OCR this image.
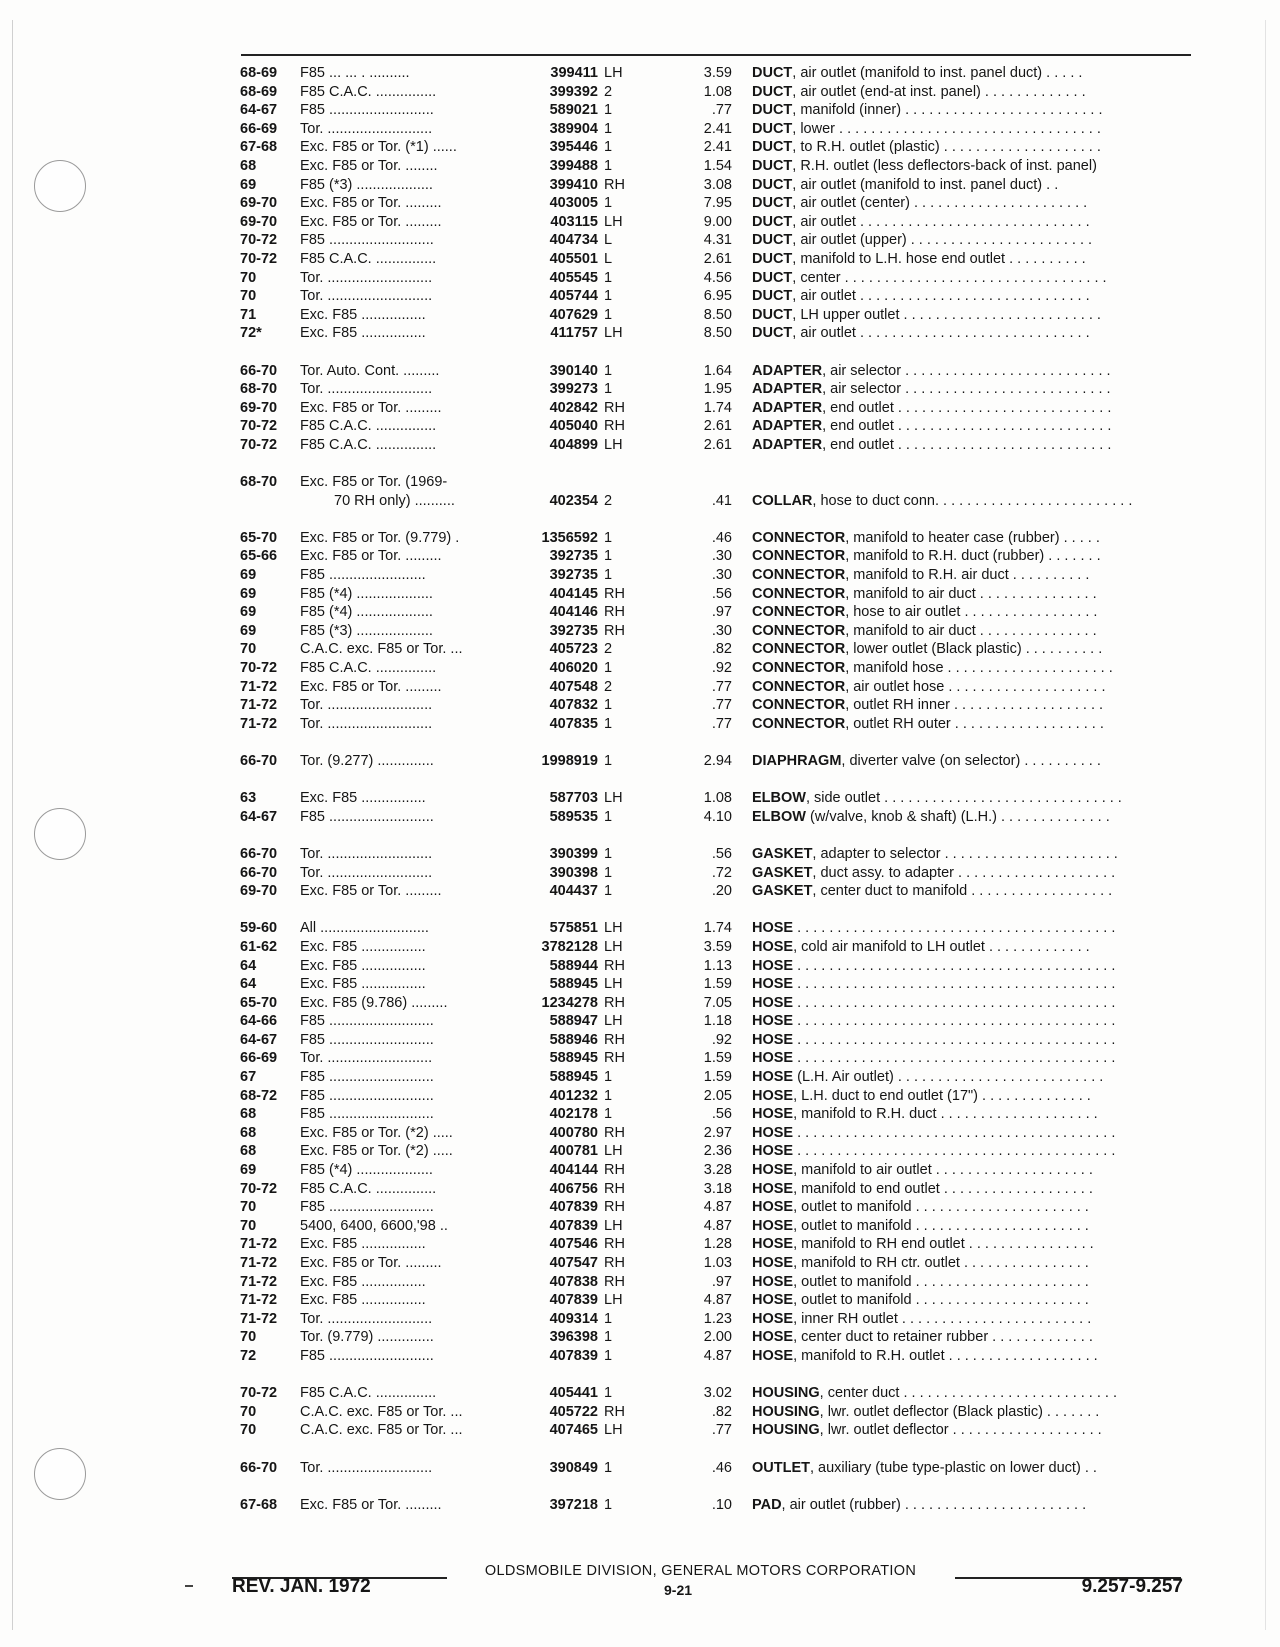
68-69	F85 ... ... . ..........	399411 LH	3.59 DUCT, air outlet (manifold to inst. panel duct) . . . . .
68-69	F85 C.A.C. ...............	399392 2	1.08 DUCT, air outlet (end-at inst. panel) . . . . . . . . . . . . .
64-67	F85 ..........................	589021 1	.77 DUCT, manifold (inner) . . . . . . . . . . . . . . . . . . . . . . . . .
66-69	Tor. ..........................	389904 1	2.41 DUCT, lower . . . . . . . . . . . . . . . . . . . . . . . . . . . . . . . . .
67-68	Exc. F85 or Tor. (*1) ......	395446 1	2.41 DUCT, to R.H. outlet (plastic) . . . . . . . . . . . . . . . . . . . .
68	Exc. F85 or Tor. ........	399488 1	1.54 DUCT, R.H. outlet (less deflectors-back of inst. panel)
69	F85 (*3) ...................	399410 RH	3.08 DUCT, air outlet (manifold to inst. panel duct) . .
69-70	Exc. F85 or Tor. .........	403005 1	7.95 DUCT, air outlet (center) . . . . . . . . . . . . . . . . . . . . . .
69-70	Exc. F85 or Tor. .........	403115 LH	9.00 DUCT, air outlet . . . . . . . . . . . . . . . . . . . . . . . . . . . . .
70-72	F85 ..........................	404734 L	4.31 DUCT, air outlet (upper) . . . . . . . . . . . . . . . . . . . . . . .
70-72	F85 C.A.C. ...............	405501 L	2.61 DUCT, manifold to L.H. hose end outlet . . . . . . . . . .
70	Tor. ..........................	405545 1	4.56 DUCT, center . . . . . . . . . . . . . . . . . . . . . . . . . . . . . . . . .
70	Tor. ..........................	405744 1	6.95 DUCT, air outlet . . . . . . . . . . . . . . . . . . . . . . . . . . . . .
71	Exc. F85 ................	407629 1	8.50 DUCT, LH upper outlet . . . . . . . . . . . . . . . . . . . . . . . . .
72*	Exc. F85 ................	411757 LH	8.50 DUCT, air outlet . . . . . . . . . . . . . . . . . . . . . . . . . . . . .
66-70	Tor. Auto. Cont. .........	390140 1	1.64 ADAPTER, air selector . . . . . . . . . . . . . . . . . . . . . . . . . .
68-70	Tor. ..........................	399273 1	1.95 ADAPTER, air selector . . . . . . . . . . . . . . . . . . . . . . . . . .
69-70	Exc. F85 or Tor. .........	402842 RH	1.74 ADAPTER, end outlet . . . . . . . . . . . . . . . . . . . . . . . . . . .
70-72	F85 C.A.C. ...............	405040 RH	2.61 ADAPTER, end outlet . . . . . . . . . . . . . . . . . . . . . . . . . . .
70-72	F85 C.A.C. ...............	404899 LH	2.61 ADAPTER, end outlet . . . . . . . . . . . . . . . . . . . . . . . . . . .
68-70	Exc. F85 or Tor. (1969-
70 RH only) ..........	402354 2	.41 COLLAR, hose to duct conn. . . . . . . . . . . . . . . . . . . . . . . . .
65-70	Exc. F85 or Tor. (9.779) .	1356592 1	.46 CONNECTOR, manifold to heater case (rubber) . . . . .
65-66	Exc. F85 or Tor. .........	392735 1	.30 CONNECTOR, manifold to R.H. duct (rubber) . . . . . . .
69	F85 ........................	392735 1	.30 CONNECTOR, manifold to R.H. air duct . . . . . . . . . .
69	F85 (*4) ...................	404145 RH	.56 CONNECTOR, manifold to air duct . . . . . . . . . . . . . . .
69	F85 (*4) ...................	404146 RH	.97 CONNECTOR, hose to air outlet . . . . . . . . . . . . . . . . .
69	F85 (*3) ...................	392735 RH	.30 CONNECTOR, manifold to air duct . . . . . . . . . . . . . . .
70	C.A.C. exc. F85 or Tor. ...	405723 2	.82 CONNECTOR, lower outlet (Black plastic) . . . . . . . . . .
70-72	F85 C.A.C. ...............	406020 1	.92 CONNECTOR, manifold hose . . . . . . . . . . . . . . . . . . . . .
71-72	Exc. F85 or Tor. .........	407548 2	.77 CONNECTOR, air outlet hose . . . . . . . . . . . . . . . . . . . .
71-72	Tor. ..........................	407832 1	.77 CONNECTOR, outlet RH inner . . . . . . . . . . . . . . . . . . .
71-72	Tor. ..........................	407835 1	.77 CONNECTOR, outlet RH outer . . . . . . . . . . . . . . . . . . .
66-70	Tor. (9.277) ..............	1998919 1	2.94 DIAPHRAGM, diverter valve (on selector) . . . . . . . . . .
63	Exc. F85 ................	587703 LH	1.08 ELBOW, side outlet . . . . . . . . . . . . . . . . . . . . . . . . . . . . . .
64-67	F85 ..........................	589535 1	4.10 ELBOW (w/valve, knob & shaft) (L.H.) . . . . . . . . . . . . . .
66-70	Tor. ..........................	390399 1	.56 GASKET, adapter to selector . . . . . . . . . . . . . . . . . . . . . .
66-70	Tor. ..........................	390398 1	.72 GASKET, duct assy. to adapter . . . . . . . . . . . . . . . . . . . .
69-70	Exc. F85 or Tor. .........	404437 1	.20 GASKET, center duct to manifold . . . . . . . . . . . . . . . . . .
59-60	All ...........................	575851 LH	1.74 HOSE . . . . . . . . . . . . . . . . . . . . . . . . . . . . . . . . . . . . . . . .
61-62	Exc. F85 ................	3782128 LH	3.59 HOSE, cold air manifold to LH outlet . . . . . . . . . . . . .
64	Exc. F85 ................	588944 RH	1.13 HOSE . . . . . . . . . . . . . . . . . . . . . . . . . . . . . . . . . . . . . . . .
64	Exc. F85 ................	588945 LH	1.59 HOSE . . . . . . . . . . . . . . . . . . . . . . . . . . . . . . . . . . . . . . . .
65-70	Exc. F85 (9.786) .........	1234278 RH	7.05 HOSE . . . . . . . . . . . . . . . . . . . . . . . . . . . . . . . . . . . . . . . .
64-66	F85 ..........................	588947 LH	1.18 HOSE . . . . . . . . . . . . . . . . . . . . . . . . . . . . . . . . . . . . . . . .
64-67	F85 ..........................	588946 RH	.92 HOSE . . . . . . . . . . . . . . . . . . . . . . . . . . . . . . . . . . . . . . . .
66-69	Tor. ..........................	588945 RH	1.59 HOSE . . . . . . . . . . . . . . . . . . . . . . . . . . . . . . . . . . . . . . . .
67	F85 ..........................	588945 1	1.59 HOSE (L.H. Air outlet) . . . . . . . . . . . . . . . . . . . . . . . . . .
68-72	F85 ..........................	401232 1	2.05 HOSE, L.H. duct to end outlet (17") . . . . . . . . . . . . . .
68	F85 ..........................	402178 1	.56 HOSE, manifold to R.H. duct . . . . . . . . . . . . . . . . . . . .
68	Exc. F85 or Tor. (*2) .....	400780 RH	2.97 HOSE . . . . . . . . . . . . . . . . . . . . . . . . . . . . . . . . . . . . . . . .
68	Exc. F85 or Tor. (*2) .....	400781 LH	2.36 HOSE . . . . . . . . . . . . . . . . . . . . . . . . . . . . . . . . . . . . . . . .
69	F85 (*4) ...................	404144 RH	3.28 HOSE, manifold to air outlet . . . . . . . . . . . . . . . . . . . .
70-72	F85 C.A.C. ...............	406756 RH	3.18 HOSE, manifold to end outlet . . . . . . . . . . . . . . . . . . .
70	F85 ..........................	407839 RH	4.87 HOSE, outlet to manifold . . . . . . . . . . . . . . . . . . . . . .
70	5400, 6400, 6600,'98 ..	407839 LH	4.87 HOSE, outlet to manifold . . . . . . . . . . . . . . . . . . . . . .
71-72	Exc. F85 ................	407546 RH	1.28 HOSE, manifold to RH end outlet . . . . . . . . . . . . . . . .
71-72	Exc. F85 or Tor. .........	407547 RH	1.03 HOSE, manifold to RH ctr. outlet . . . . . . . . . . . . . . . .
71-72	Exc. F85 ................	407838 RH	.97 HOSE, outlet to manifold . . . . . . . . . . . . . . . . . . . . . .
71-72	Exc. F85 ................	407839 LH	4.87 HOSE, outlet to manifold . . . . . . . . . . . . . . . . . . . . . .
71-72	Tor. ..........................	409314 1	1.23 HOSE, inner RH outlet . . . . . . . . . . . . . . . . . . . . . . . .
70	Tor. (9.779) ..............	396398 1	2.00 HOSE, center duct to retainer rubber . . . . . . . . . . . . .
72	F85 ..........................	407839 1	4.87 HOSE, manifold to R.H. outlet . . . . . . . . . . . . . . . . . . .
70-72	F85 C.A.C. ...............	405441 1	3.02 HOUSING, center duct . . . . . . . . . . . . . . . . . . . . . . . . . . .
70	C.A.C. exc. F85 or Tor. ...	405722 RH	.82 HOUSING, lwr. outlet deflector (Black plastic) . . . . . . .
70	C.A.C. exc. F85 or Tor. ...	407465 LH	.77 HOUSING, lwr. outlet deflector . . . . . . . . . . . . . . . . . . .
66-70	Tor. ..........................	390849 1	.46 OUTLET, auxiliary (tube type-plastic on lower duct) . .
67-68	Exc. F85 or Tor. .........	397218 1	.10 PAD, air outlet (rubber) . . . . . . . . . . . . . . . . . . . . . . .
OLDSMOBILE DIVISION, GENERAL MOTORS CORPORATION
REV. JAN. 1972	9-21	9.257-9.257
